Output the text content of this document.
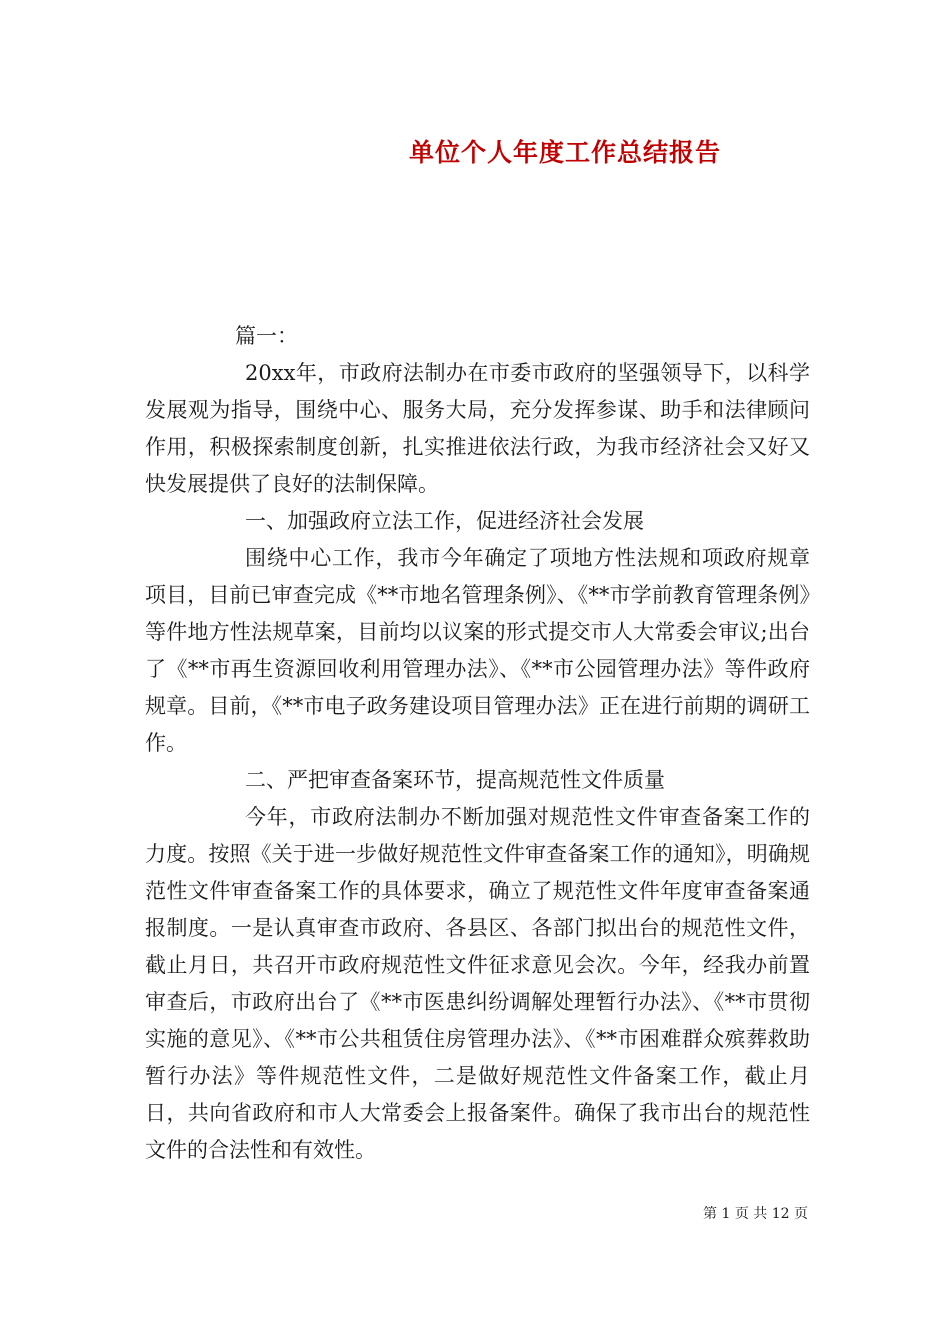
单位个人年度工作总结报告

篇一：

20xx年，市政府法制办在市委市政府的坚强领导下，以科学发展观为指导，围绕中心、服务大局，充分发挥参谋、助手和法律顾问作用，积极探索制度创新，扎实推进依法行政，为我市经济社会又好又快发展提供了良好的法制保障。

一、加强政府立法工作，促进经济社会发展

围绕中心工作，我市今年确定了项地方性法规和项政府规章项目，目前已审查完成《**市地名管理条例》、《**市学前教育管理条例》等件地方性法规草案，目前均以议案的形式提交市人大常委会审议;出台了《**市再生资源回收利用管理办法》、《**市公园管理办法》等件政府规章。目前，《**市电子政务建设项目管理办法》正在进行前期的调研工作。

二、严把审查备案环节，提高规范性文件质量

今年，市政府法制办不断加强对规范性文件审查备案工作的力度。按照《关于进一步做好规范性文件审查备案工作的通知》，明确规范性文件审查备案工作的具体要求，确立了规范性文件年度审查备案通报制度。一是认真审查市政府、各县区、各部门拟出台的规范性文件，截止月日，共召开市政府规范性文件征求意见会次。今年，经我办前置审查后，市政府出台了《**市医患纠纷调解处理暂行办法》、《**市贯彻实施的意见》、《**市公共租赁住房管理办法》、《**市困难群众殡葬救助暂行办法》等件规范性文件，二是做好规范性文件备案工作，截止月日，共向省政府和市人大常委会上报备案件。确保了我市出台的规范性文件的合法性和有效性。

第 1 页 共 12 页
